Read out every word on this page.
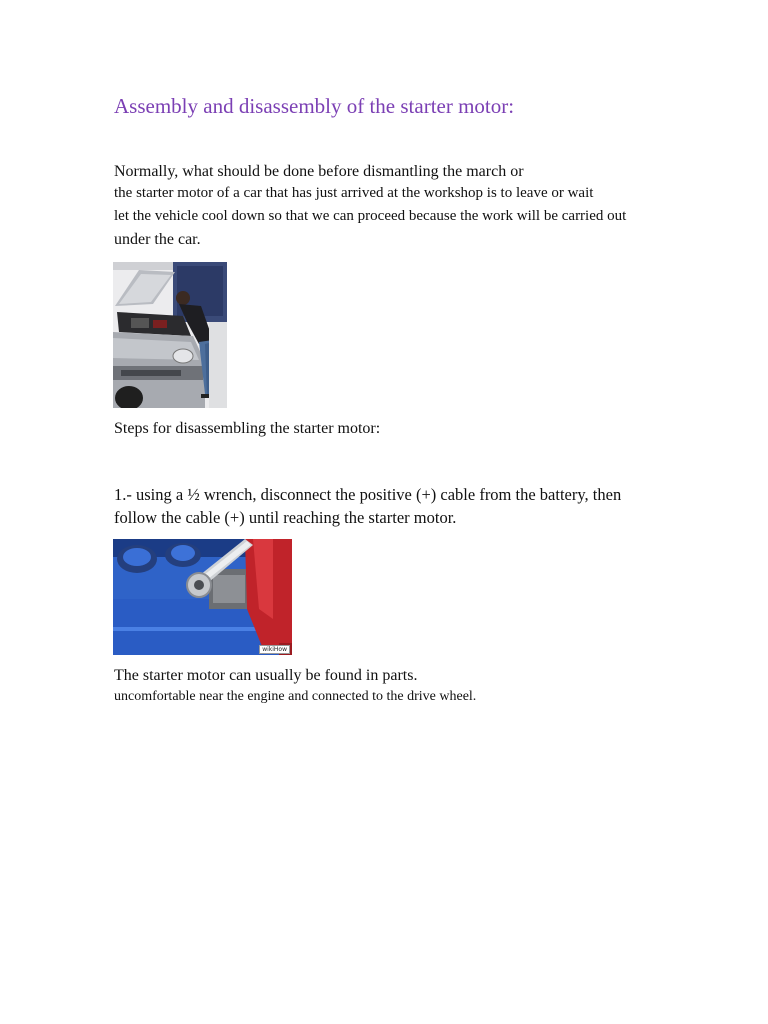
Assembly and disassembly of the starter motor:
Normally, what should be done before dismantling the march or
the starter motor of a car that has just arrived at the workshop is to leave or wait
let the vehicle cool down so that we can proceed because the work will be carried out
under the car.
Steps for disassembling the starter motor:
1.- using a ½ wrench, disconnect the positive (+) cable from the battery, then
follow the cable (+) until reaching the starter motor.
wikiHow
The starter motor can usually be found in parts.
uncomfortable near the engine and connected to the drive wheel.
